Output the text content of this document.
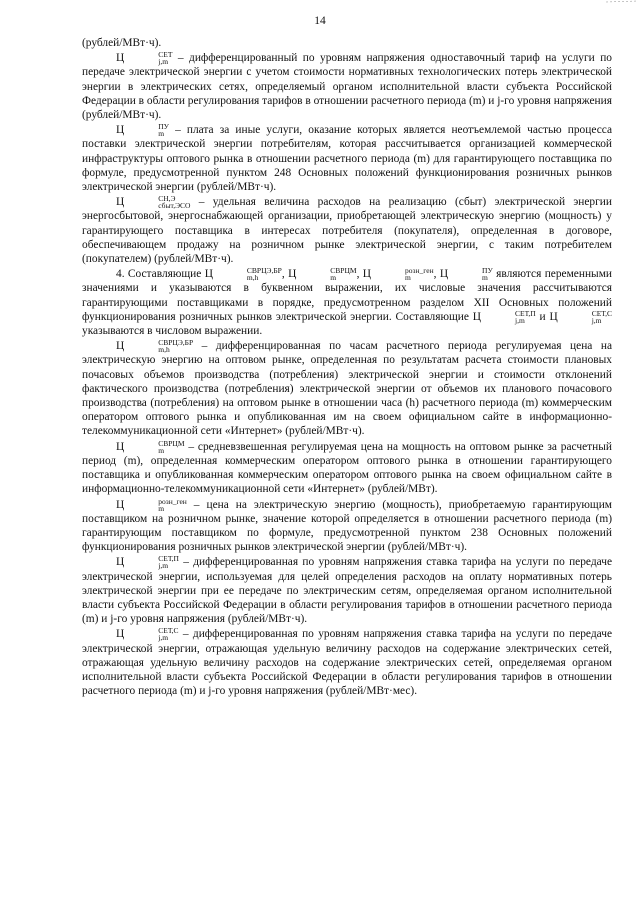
14

(рублей/МВт·ч).

Ц	СЕТ
j,m – дифференцированный по уровням напряжения одноставочный тариф на услуги по передаче электрической энергии с учетом стоимости нормативных технологических потерь электрической энергии в электрических сетях, определяемый органом исполнительной власти субъекта Российской Федерации в области регулирования тарифов в отношении расчетного периода (m) и j-го уровня напряжения (рублей/МВт·ч).

Ц	ПУ
m – плата за иные услуги, оказание которых является неотъемлемой частью процесса поставки электрической энергии потребителям, которая рассчитывается организацией коммерческой инфраструктуры оптового рынка в отношении расчетного периода (m) для гарантирующего поставщика по формуле, предусмотренной пунктом 248 Основных положений функционирования розничных рынков электрической энергии (рублей/МВт·ч).

Ц	СН,Э
сбыт,ЭСО – удельная величина расходов на реализацию (сбыт) электрической энергии энергосбытовой, энергоснабжающей организации, приобретающей электрическую энергию (мощность) у гарантирующего поставщика в интересах потребителя (покупателя), определенная в договоре, обеспечивающем продажу на розничном рынке электрической энергии, с таким потребителем (покупателем) (рублей/МВт·ч).

4. Составляющие Ц	СВРЦЭ,БР
m,h	, Ц	СВРЦМ
m	, Ц	розн_ген
m	, Ц	ПУ
m являются переменными значениями и указываются в буквенном выражении, их числовые значения рассчитываются гарантирующими поставщиками в порядке, предусмотренном разделом XII Основных положений функционирования розничных рынков электрической энергии. Составляющие Ц	СЕТ,П
j,m и Ц	СЕТ,С
j,m
указываются в числовом выражении.

Ц	СВРЦЭ,БР
m,h	– дифференцированная по часам расчетного периода регулируемая цена на электрическую энергию на оптовом рынке, определенная по результатам расчета стоимости плановых почасовых объемов производства (потребления) электрической энергии и стоимости отклонений фактического производства (потребления) электрической энергии от объемов их планового почасового производства (потребления) на оптовом рынке в отношении часа (h) расчетного периода (m) коммерческим оператором оптового рынка и опубликованная им на своем официальном сайте в информационно-телекоммуникационной сети «Интернет» (рублей/МВт·ч).

Ц	СВРЦМ
m	– средневзвешенная регулируемая цена на мощность на оптовом рынке за расчетный период (m), определенная коммерческим оператором оптового рынка в отношении гарантирующего поставщика и опубликованная коммерческим оператором оптового рынка на своем официальном сайте в информационно-телекоммуникационной сети «Интернет» (рублей/МВт).

Ц	розн_ген
m	– цена на электрическую энергию (мощность), приобретаемую гарантирующим поставщиком на розничном рынке, значение которой определяется в отношении расчетного периода (m) гарантирующим поставщиком по формуле, предусмотренной пунктом 238 Основных положений функционирования розничных рынков электрической энергии (рублей/МВт·ч).

Ц	СЕТ,П
j,m – дифференцированная по уровням напряжения ставка тарифа на услуги по передаче электрической энергии, используемая для целей определения расходов на оплату нормативных потерь электрической энергии при ее передаче по электрическим сетям, определяемая органом исполнительной власти субъекта Российской Федерации в области регулирования тарифов в отношении расчетного периода (m) и j-го уровня напряжения (рублей/МВт·ч).

Ц	СЕТ,С
j,m – дифференцированная по уровням напряжения ставка тарифа на услуги по передаче электрической энергии, отражающая удельную величину расходов на содержание электрических сетей, отражающая удельную величину расходов на содержание электрических сетей, определяемая органом исполнительной власти субъекта Российской Федерации в области регулирования тарифов в отношении расчетного периода (m) и j-го уровня напряжения (рублей/МВт·мес).
